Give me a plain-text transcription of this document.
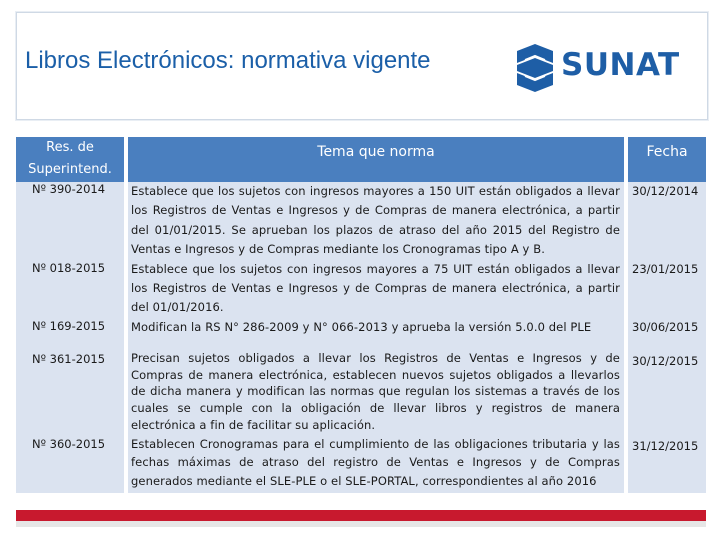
Libros Electrónicos: normativa vigente	SUNAT
Res. de
Superintend.
Tema que norma	Fecha
Nº 390-2014
Nº 018-2015
Nº 169-2015
Establece que los sujetos con ingresos mayores a 150 UIT están obligados a llevar los Registros de Ventas e Ingresos y de Compras de manera electrónica, a partir del 01/01/2015. Se aprueban los plazos de atraso del año 2015 del Registro de Ventas e Ingresos y de Compras mediante los Cronogramas tipo A y B.
Establece que los sujetos con ingresos mayores a 75 UIT están obligados a llevar los Registros de Ventas e Ingresos y de Compras de manera electrónica, a partir del 01/01/2016.
Modifican la RS N° 286-2009 y N° 066-2013 y aprueba la versión 5.0.0 del PLE
30/12/2014
23/01/2015
30/06/2015
Nº 361-2015
Nº 360-2015
Precisan sujetos obligados a llevar los Registros de Ventas e Ingresos y de Compras de manera electrónica, establecen nuevos sujetos obligados a llevarlos de dicha manera y modifican las normas que regulan los sistemas a través de los cuales se cumple con la obligación de llevar libros y registros de manera electrónica a fin de facilitar su aplicación.
Establecen Cronogramas para el cumplimiento de las obligaciones tributaria y las fechas máximas de atraso del registro de Ventas e Ingresos y de Compras generados mediante el SLE-PLE o el SLE-PORTAL, correspondientes al año 2016
30/12/2015
31/12/2015
